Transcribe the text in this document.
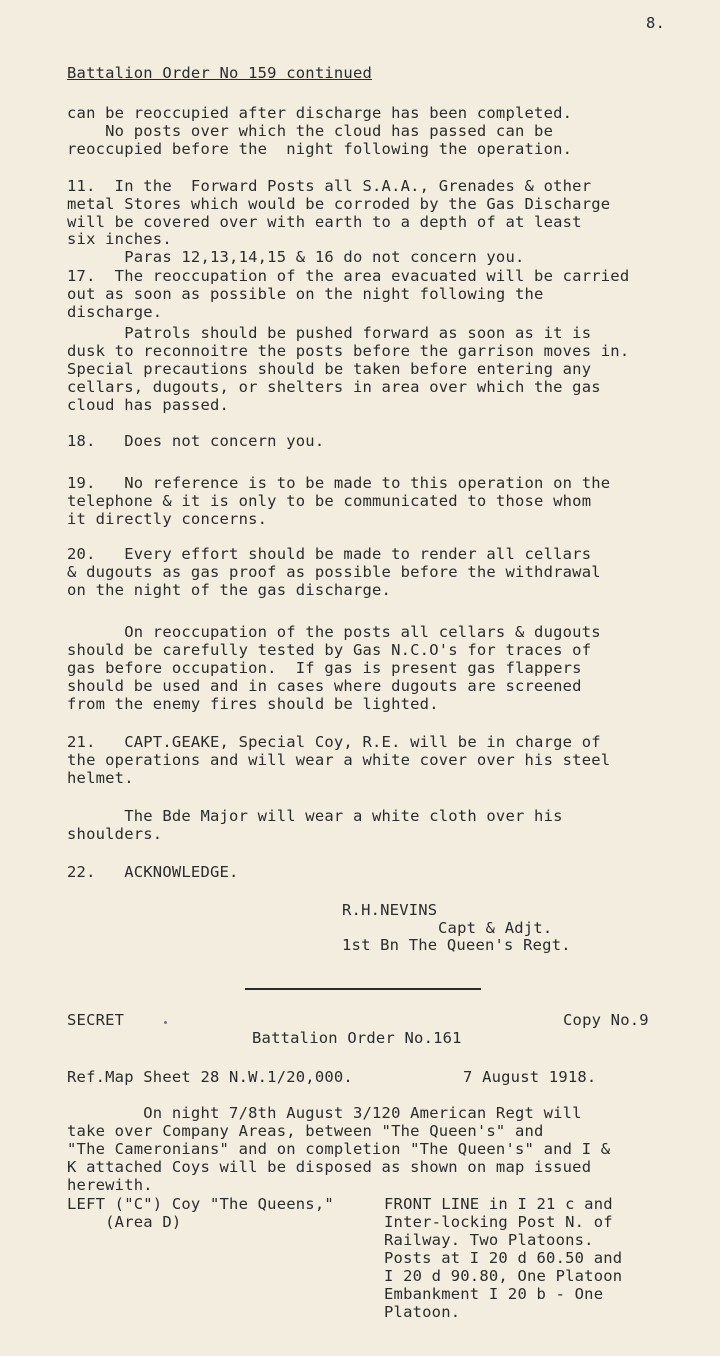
8.
Battalion Order No 159 continued
can be reoccupied after discharge has been completed.
No posts over which the cloud has passed can be
reoccupied before the  night following the operation.
11.  In the  Forward Posts all S.A.A., Grenades & other
metal Stores which would be corroded by the Gas Discharge
will be covered over with earth to a depth of at least
six inches.
Paras 12,13,14,15 & 16 do not concern you.
17.  The reoccupation of the area evacuated will be carried
out as soon as possible on the night following the
discharge.
Patrols should be pushed forward as soon as it is
dusk to reconnoitre the posts before the garrison moves in.
Special precautions should be taken before entering any
cellars, dugouts, or shelters in area over which the gas
cloud has passed.
18.   Does not concern you.
19.   No reference is to be made to this operation on the
telephone & it is only to be communicated to those whom
it directly concerns.
20.   Every effort should be made to render all cellars
& dugouts as gas proof as possible before the withdrawal
on the night of the gas discharge.
On reoccupation of the posts all cellars & dugouts
should be carefully tested by Gas N.C.O's for traces of
gas before occupation.  If gas is present gas flappers
should be used and in cases where dugouts are screened
from the enemy fires should be lighted.
21.   CAPT.GEAKE, Special Coy, R.E. will be in charge of
the operations and will wear a white cover over his steel
helmet.
The Bde Major will wear a white cloth over his
shoulders.
22.   ACKNOWLEDGE.
R.H.NEVINS
Capt & Adjt.
1st Bn The Queen's Regt.
SECRET	Copy No.9
Battalion Order No.161
Ref.Map Sheet 28 N.W.1/20,000.	7 August 1918.
On night 7/8th August 3/120 American Regt will
take over Company Areas, between "The Queen's" and
"The Cameronians" and on completion "The Queen's" and I &
K attached Coys will be disposed as shown on map issued
herewith.
LEFT ("C") Coy "The Queens,"
(Area D)
FRONT LINE in I 21 c and
Inter-locking Post N. of
Railway. Two Platoons.
Posts at I 20 d 60.50 and
I 20 d 90.80, One Platoon
Embankment I 20 b - One
Platoon.
